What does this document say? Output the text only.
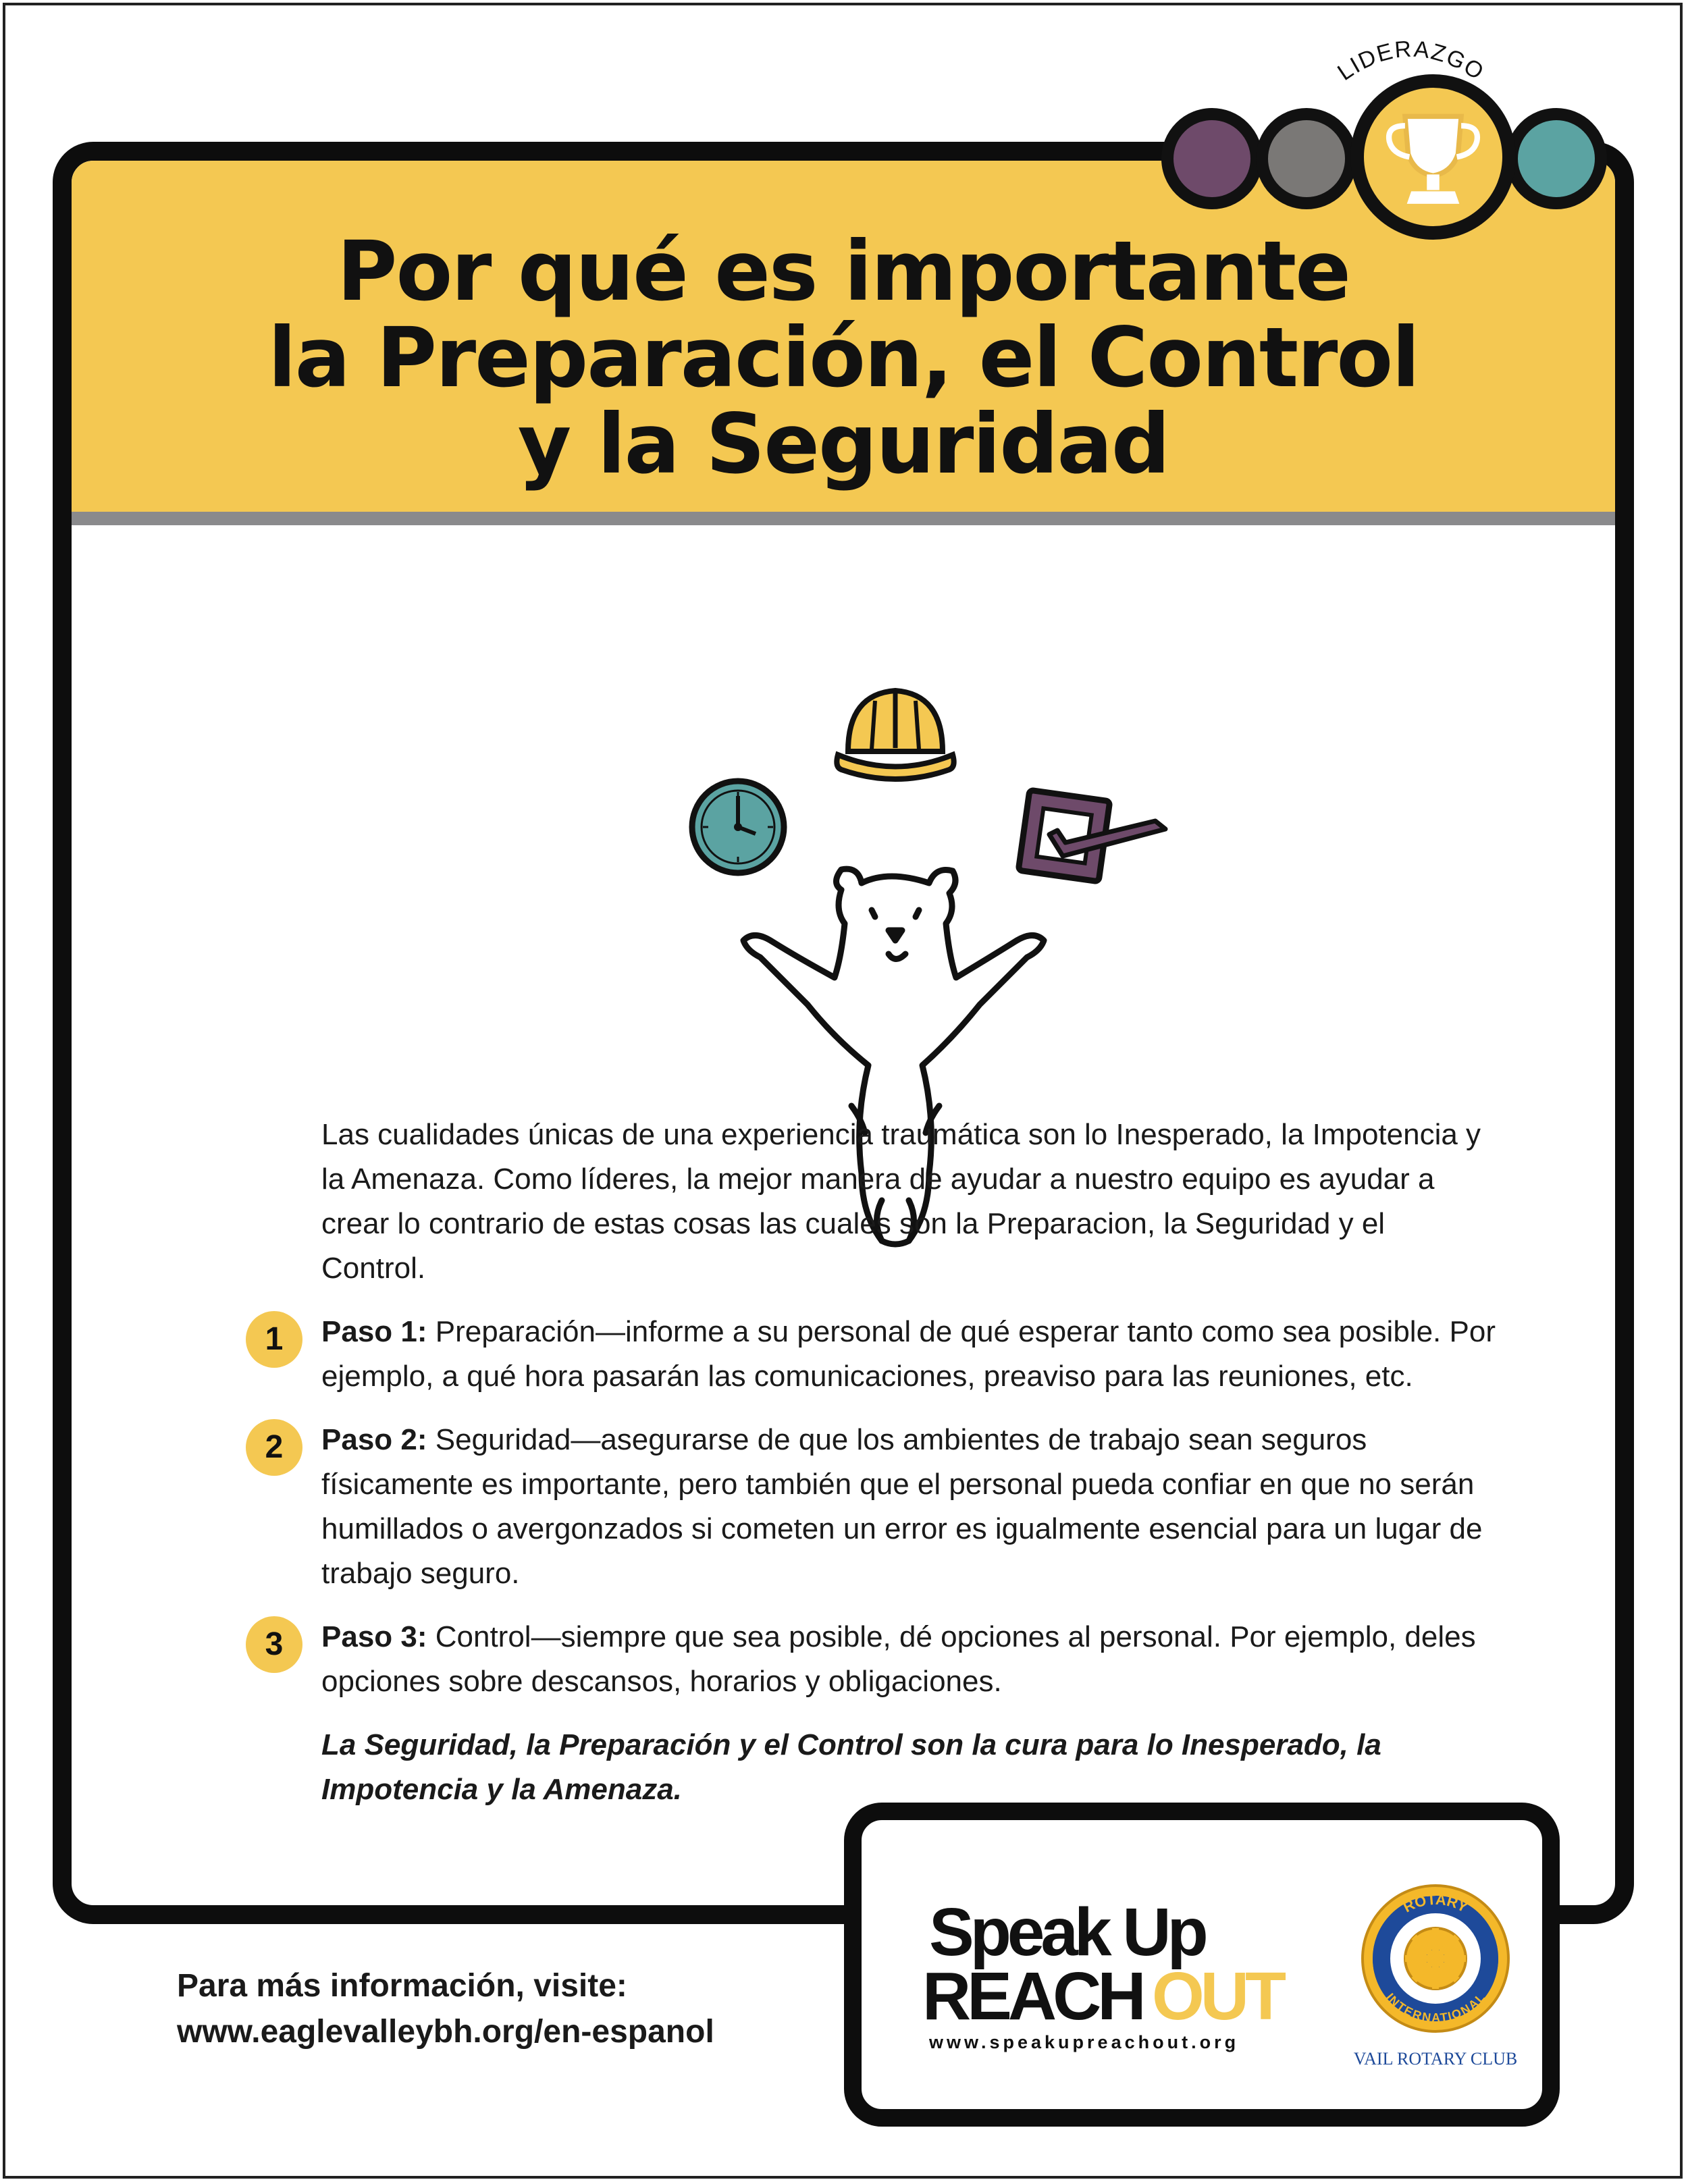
Por qué es importante
la Preparación, el Control
y la Seguridad

Las cualidades únicas de una experiencia traumática son lo Inesperado, la Impotencia y la Amenaza. Como líderes, la mejor manera de ayudar a nuestro equipo es ayudar a crear lo contrario de estas cosas las cuales son la Preparacion, la Seguridad y el Control.

1	Paso 1: Preparación—informe a su personal de qué esperar tanto como sea posible. Por ejemplo, a qué hora pasarán las comunicaciones, preaviso para las reuniones, etc.

2	Paso 2: Seguridad—asegurarse de que los ambientes de trabajo sean seguros físicamente es importante, pero también que el personal pueda confiar en que no serán humillados o avergonzados si cometen un error es igualmente esencial para un lugar de trabajo seguro.

3	Paso 3: Control—siempre que sea posible, dé opciones al personal. Por ejemplo, deles opciones sobre descansos, horarios y obligaciones.

La Seguridad, la Preparación y el Control son la cura para lo Inesperado, la Impotencia y la Amenaza.

LIDERAZGO
Speak Up
REACH OUT
www.speakupreachout.org
ROTARY
INTERNATIONAL
VAIL ROTARY CLUB
Para más información, visite:
www.eaglevalleybh.org/en-espanol
